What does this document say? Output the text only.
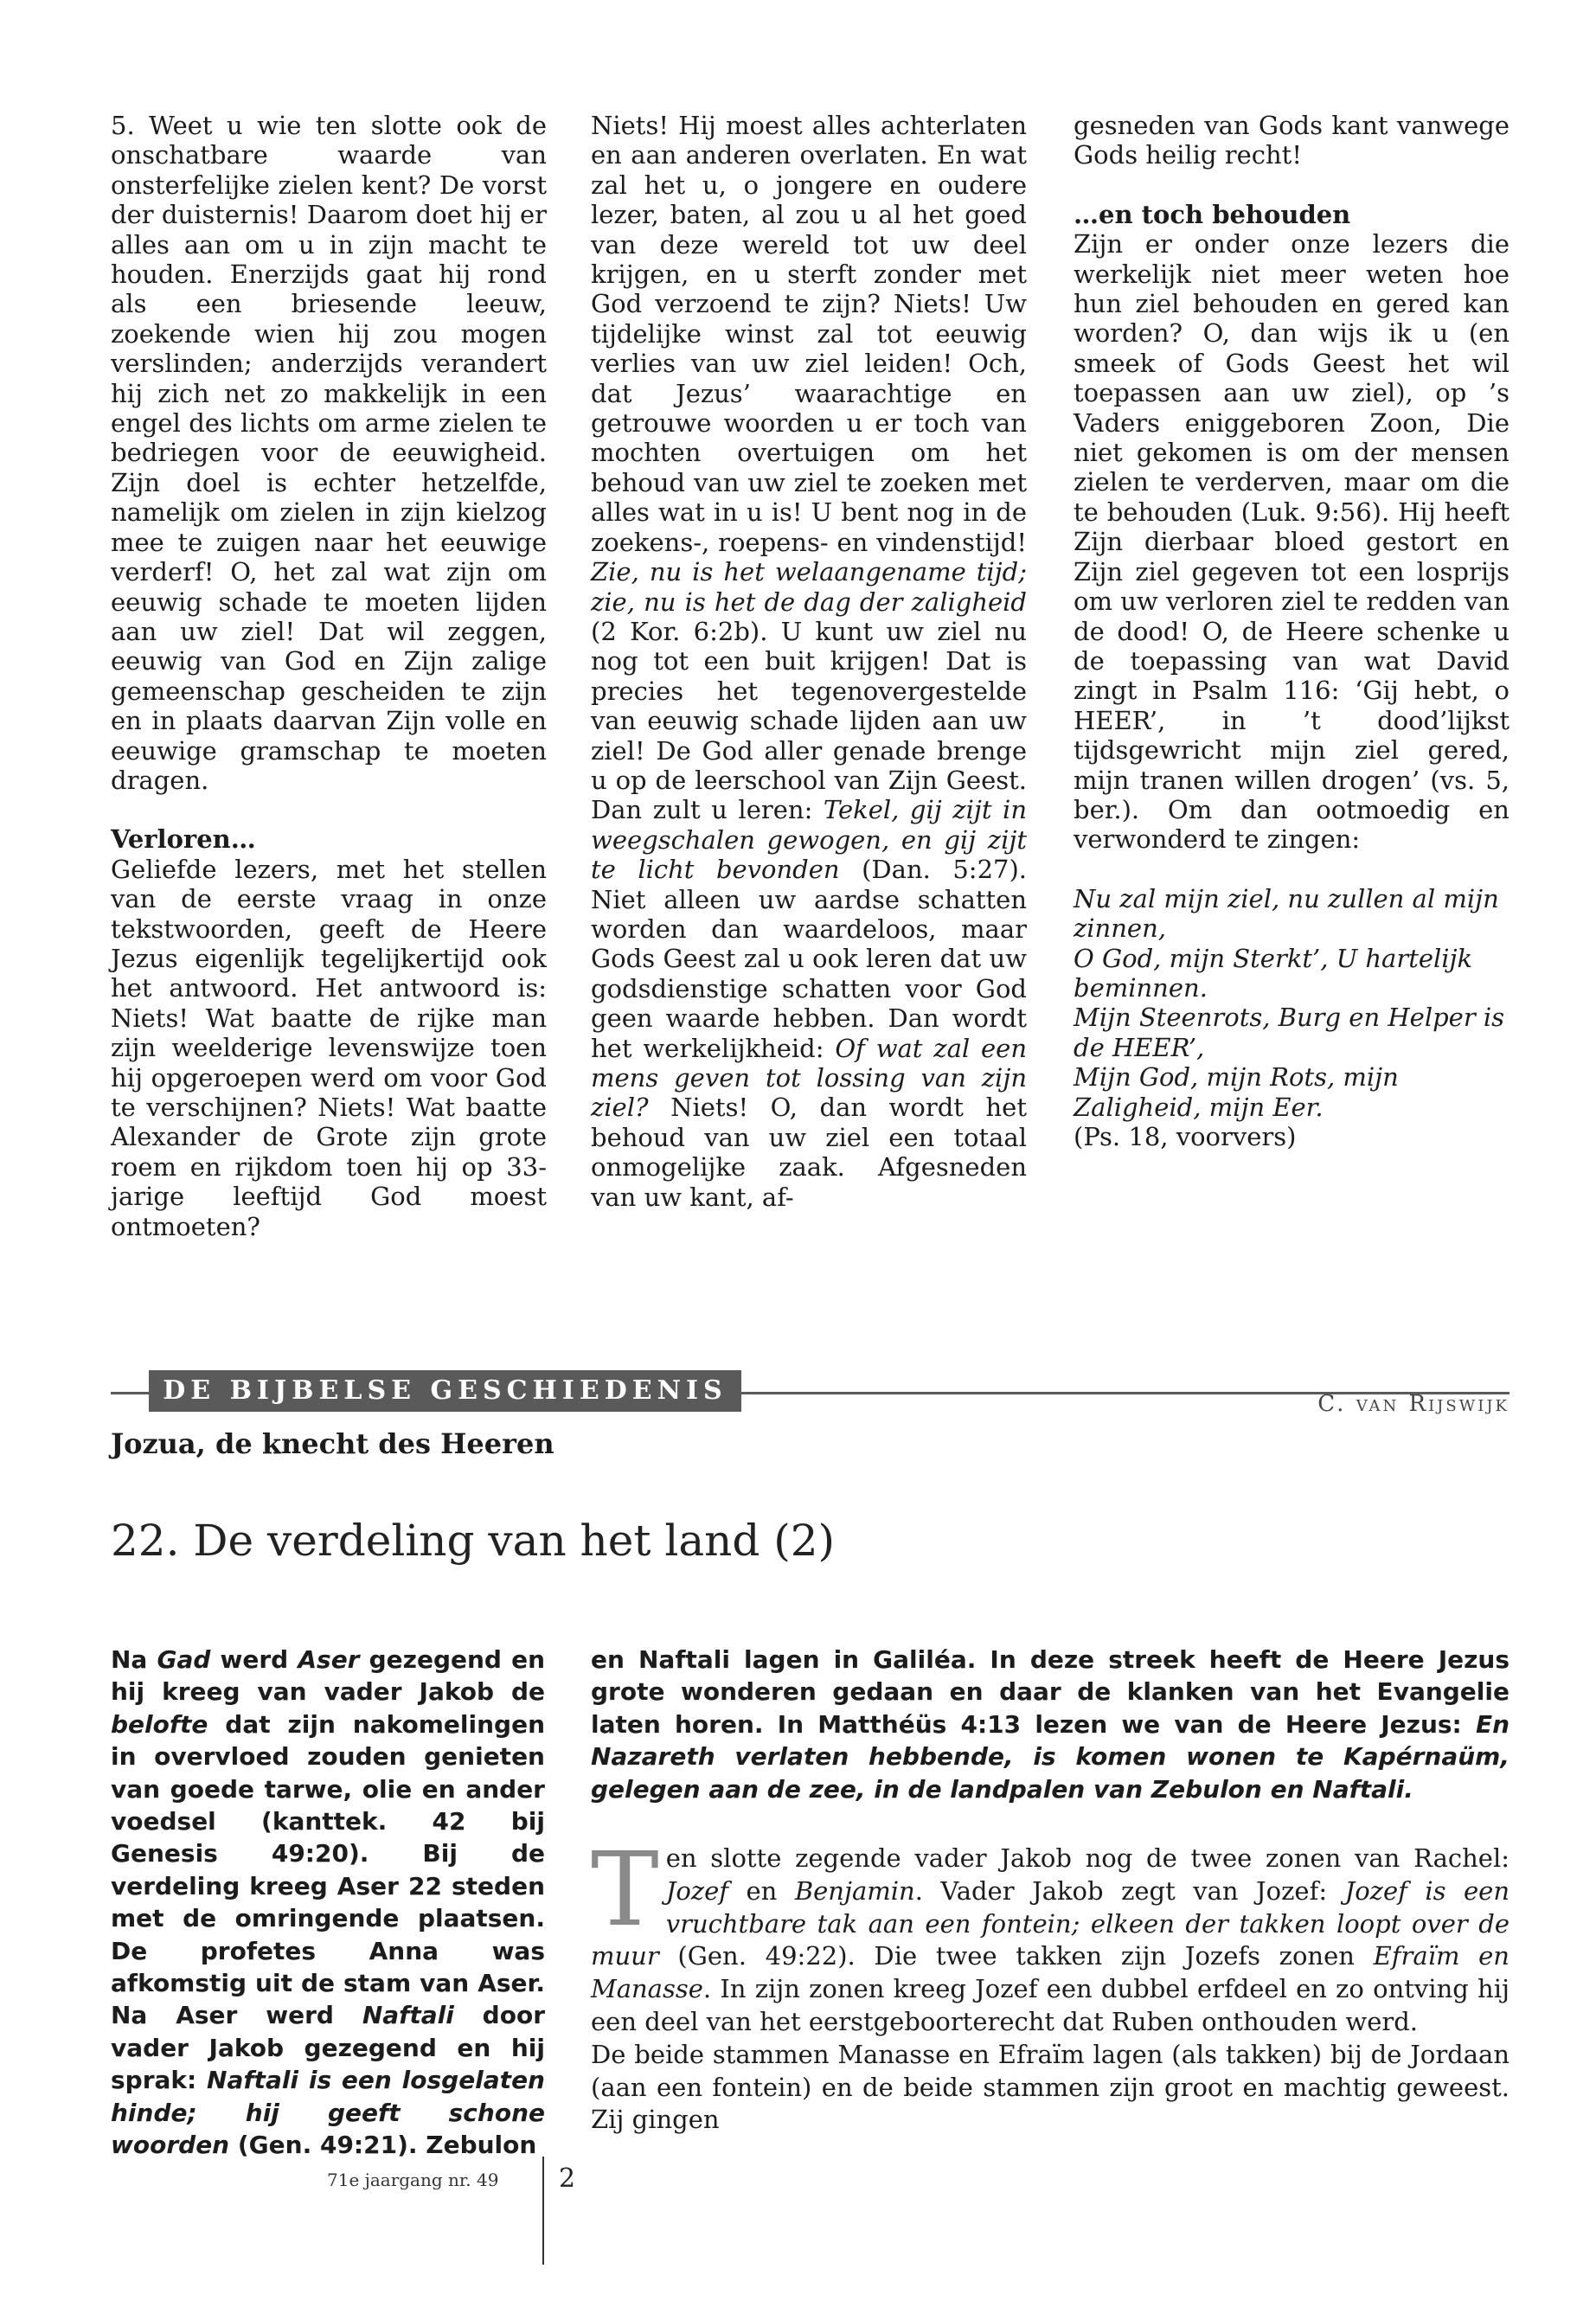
5. Weet u wie ten slotte ook de onschatbare waarde van onsterfelijke zielen kent? De vorst der duisternis! Daarom doet hij er alles aan om u in zijn macht te houden. Enerzijds gaat hij rond als een briesende leeuw, zoekende wien hij zou mogen verslinden; anderzijds verandert hij zich net zo makkelijk in een engel des lichts om arme zielen te bedriegen voor de eeuwigheid. Zijn doel is echter hetzelfde, namelijk om zielen in zijn kielzog mee te zuigen naar het eeuwige verderf! O, het zal wat zijn om eeuwig schade te moeten lijden aan uw ziel! Dat wil zeggen, eeuwig van God en Zijn zalige gemeenschap gescheiden te zijn en in plaats daarvan Zijn volle en eeuwige gramschap te moeten dragen.

Verloren…

Geliefde lezers, met het stellen van de eerste vraag in onze tekstwoorden, geeft de Heere Jezus eigenlijk tegelijkertijd ook het antwoord. Het antwoord is: Niets! Wat baatte de rijke man zijn weelderige levenswijze toen hij opgeroepen werd om voor God te verschijnen? Niets! Wat baatte Alexander de Grote zijn grote roem en rijkdom toen hij op 33-jarige leeftijd God moest ontmoeten?

Niets! Hij moest alles achterlaten en aan anderen overlaten. En wat zal het u, o jongere en oudere lezer, baten, al zou u al het goed van deze wereld tot uw deel krijgen, en u sterft zonder met God verzoend te zijn? Niets! Uw tijdelijke winst zal tot eeuwig verlies van uw ziel leiden! Och, dat Jezus’ waarachtige en getrouwe woorden u er toch van mochten overtuigen om het behoud van uw ziel te zoeken met alles wat in u is! U bent nog in de zoekens-, roepens- en vindenstijd! Zie, nu is het welaangename tijd; zie, nu is het de dag der zaligheid (2 Kor. 6:2b). U kunt uw ziel nu nog tot een buit krijgen! Dat is precies het tegenovergestelde van eeuwig schade lijden aan uw ziel! De God aller genade brenge u op de leerschool van Zijn Geest. Dan zult u leren: Tekel, gij zijt in weegschalen gewogen, en gij zijt te licht bevonden (Dan. 5:27). Niet alleen uw aardse schatten worden dan waardeloos, maar Gods Geest zal u ook leren dat uw godsdienstige schatten voor God geen waarde hebben. Dan wordt het werkelijkheid: Of wat zal een mens geven tot lossing van zijn ziel? Niets! O, dan wordt het behoud van uw ziel een totaal onmogelijke zaak. Afgesneden van uw kant, af-

gesneden van Gods kant vanwege Gods heilig recht!

…en toch behouden

Zijn er onder onze lezers die werkelijk niet meer weten hoe hun ziel behouden en gered kan worden? O, dan wijs ik u (en smeek of Gods Geest het wil toepassen aan uw ziel), op ’s Vaders eniggeboren Zoon, Die niet gekomen is om der mensen zielen te verderven, maar om die te behouden (Luk. 9:56). Hij heeft Zijn dierbaar bloed gestort en Zijn ziel gegeven tot een losprijs om uw verloren ziel te redden van de dood! O, de Heere schenke u de toepassing van wat David zingt in Psalm 116: ‘Gij hebt, o HEER’, in ’t dood’lijkst tijdsgewricht mijn ziel gered, mijn tranen willen drogen’ (vs. 5, ber.). Om dan ootmoedig en verwonderd te zingen:

Nu zal mijn ziel, nu zullen al mijn zinnen,

O God, mijn Sterkt’, U hartelijk beminnen.

Mijn Steenrots, Burg en Helper is de HEER’,

Mijn God, mijn Rots, mijn Zaligheid, mijn Eer.

(Ps. 18, voorvers)

DE BIJBELSE GESCHIEDENIS	C. van Rijswijk
Jozua, de knecht des Heeren
22. De verdeling van het land (2)

Na Gad werd Aser gezegend en hij kreeg van vader Jakob de belofte dat zijn nakomelingen in overvloed zouden genieten van goede tarwe, olie en ander voedsel (kanttek. 42 bij Genesis 49:20). Bij de verdeling kreeg Aser 22 steden met de omringende plaatsen. De profetes Anna was afkomstig uit de stam van Aser. Na Aser werd Naftali door vader Jakob gezegend en hij sprak: Naftali is een losgelaten hinde; hij geeft schone woorden (Gen. 49:21). Zebulon

en Naftali lagen in Galiléa. In deze streek heeft de Heere Jezus grote wonderen gedaan en daar de klanken van het Evangelie laten horen. In Matthéüs 4:13 lezen we van de Heere Jezus: En Nazareth verlaten hebbende, is komen wonen te Kapérnaüm, gelegen aan de zee, in de landpalen van Zebulon en Naftali.

Ten slotte zegende vader Jakob nog de twee zonen van Rachel: Jozef en Benjamin. Vader Jakob zegt van Jozef: Jozef is een vruchtbare tak aan een fontein; elkeen der takken loopt over de muur (Gen. 49:22). Die twee takken zijn Jozefs zonen Efraïm en Manasse. In zijn zonen kreeg Jozef een dubbel erfdeel en zo ontving hij een deel van het eerstgeboorterecht dat Ruben onthouden werd.

De beide stammen Manasse en Efraïm lagen (als takken) bij de Jordaan (aan een fontein) en de beide stammen zijn groot en machtig geweest. Zij gingen

71e jaargang nr. 49 2
